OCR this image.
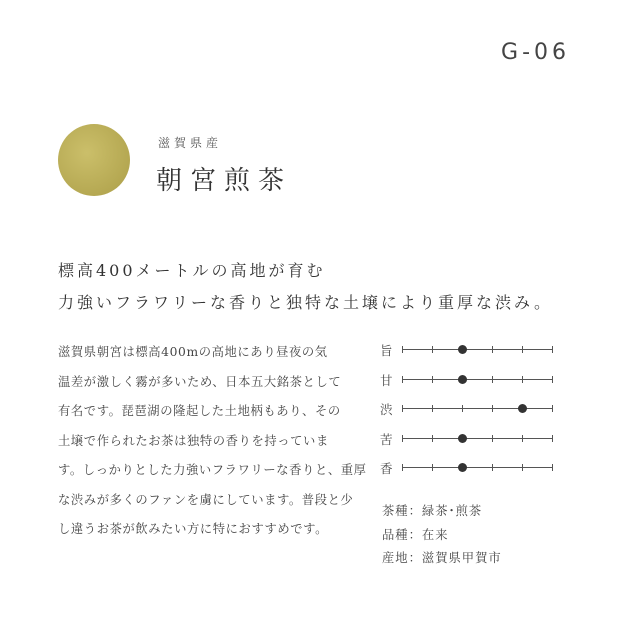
G-06
滋賀県産
朝宮煎茶
標高400メートルの高地が育む
力強いフラワリーな香りと独特な土壌により重厚な渋み。
滋賀県朝宮は標高400mの高地にあり昼夜の気
温差が激しく霧が多いため、日本五大銘茶として
有名です。琵琶湖の隆起した土地柄もあり、その
土壌で作られたお茶は独特の香りを持っていま
す。しっかりとした力強いフラワリーな香りと、重厚
な渋みが多くのファンを虜にしています。普段と少
し違うお茶が飲みたい方に特におすすめです。
旨
甘
渋
苦
香
茶種：緑茶･煎茶
品種：在来
産地：滋賀県甲賀市
